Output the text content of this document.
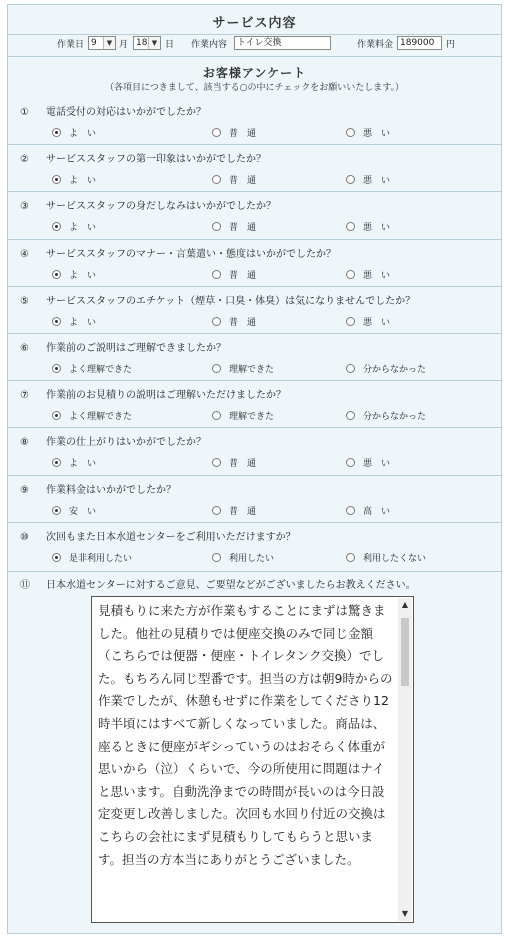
サービス内容
作業日 9	▼ 月 18 ▼ 日 作業内容	トイレ交換	作業料金 189000	円
お客様アンケート
（各項目につきまして、該当する○の中にチェックをお願いいたします。）
① 電話受付の対応はいかがでしたか？
よ　い	普　通	悪　い
② サービススタッフの第一印象はいかがでしたか？
よ　い	普　通	悪　い
③ サービススタッフの身だしなみはいかがでしたか？
よ　い	普　通	悪　い
④ サービススタッフのマナー・言葉遣い・態度はいかがでしたか？
よ　い	普　通	悪　い
⑤ サービススタッフのエチケット（煙草・口臭・体臭）は気になりませんでしたか？
よ　い	普　通	悪　い
⑥ 作業前のご説明はご理解できましたか？
よく理解できた	理解できた	分からなかった
⑦ 作業前のお見積りの説明はご理解いただけましたか？
よく理解できた	理解できた	分からなかった
⑧ 作業の仕上がりはいかがでしたか？
よ　い	普　通	悪　い
⑨ 作業料金はいかがでしたか？
安　い	普　通	高　い
⑩ 次回もまた日本水道センターをご利用いただけますか？
是非利用したい	利用したい	利用したくない
⑪ 日本水道センターに対するご意見、ご要望などがございましたらお教えください。
見積もりに来た方が作業もすることにまずは驚きました。他社の見積りでは便座交換のみで同じ金額（こちらでは便器・便座・トイレタンク交換）でした。もちろん同じ型番です。担当の方は朝9時からの作業でしたが、休憩もせずに作業をしてくださり12時半頃にはすべて新しくなっていました。商品は、座るときに便座がギシっていうのはおそらく体重が思いから（泣）くらいで、今の所使用に問題はナイと思います。自動洗浄までの時間が長いのは今日設定変更し改善しました。次回も水回り付近の交換はこちらの会社にまず見積もりしてもらうと思います。担当の方本当にありがとうございました。
▲
▼
